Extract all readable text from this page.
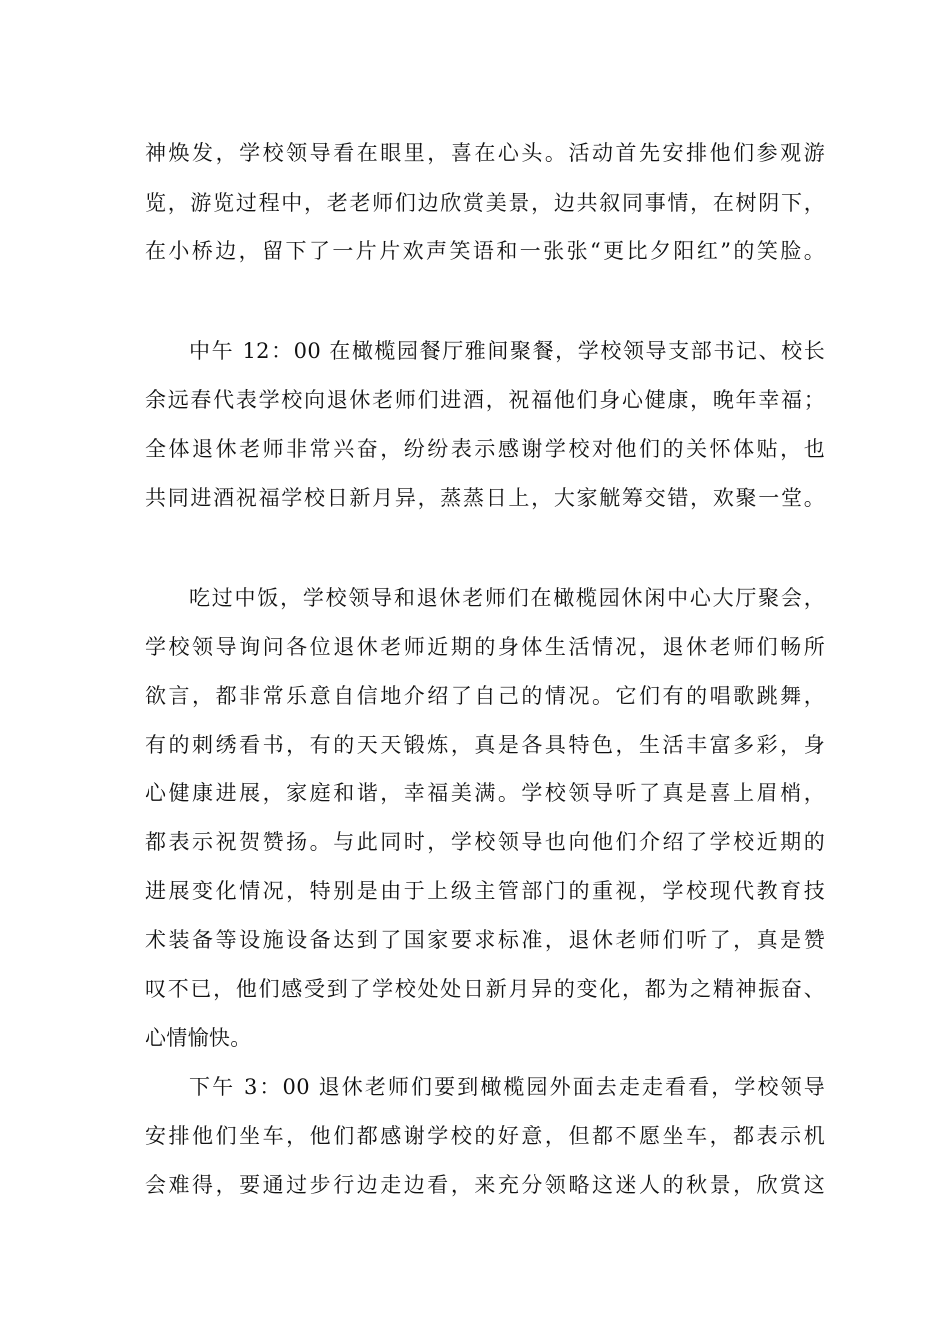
神焕发，学校领导看在眼里，喜在心头。活动首先安排他们参观游
览，游览过程中，老老师们边欣赏美景，边共叙同事情，在树阴下，
在小桥边，留下了一片片欢声笑语和一张张“更比夕阳红”的笑脸。
中午 12：00 在橄榄园餐厅雅间聚餐，学校领导支部书记、校长
余远春代表学校向退休老师们进酒，祝福他们身心健康，晚年幸福；
全体退休老师非常兴奋，纷纷表示感谢学校对他们的关怀体贴，也
共同进酒祝福学校日新月异，蒸蒸日上，大家觥筹交错，欢聚一堂。
吃过中饭，学校领导和退休老师们在橄榄园休闲中心大厅聚会，
学校领导询问各位退休老师近期的身体生活情况，退休老师们畅所
欲言，都非常乐意自信地介绍了自己的情况。它们有的唱歌跳舞，
有的刺绣看书，有的天天锻炼，真是各具特色，生活丰富多彩，身
心健康进展，家庭和谐，幸福美满。学校领导听了真是喜上眉梢，
都表示祝贺赞扬。与此同时，学校领导也向他们介绍了学校近期的
进展变化情况，特别是由于上级主管部门的重视，学校现代教育技
术装备等设施设备达到了国家要求标准，退休老师们听了，真是赞
叹不已，他们感受到了学校处处日新月异的变化，都为之精神振奋、
心情愉快。
下午 3：00 退休老师们要到橄榄园外面去走走看看，学校领导
安排他们坐车，他们都感谢学校的好意，但都不愿坐车，都表示机
会难得，要通过步行边走边看，来充分领略这迷人的秋景，欣赏这
